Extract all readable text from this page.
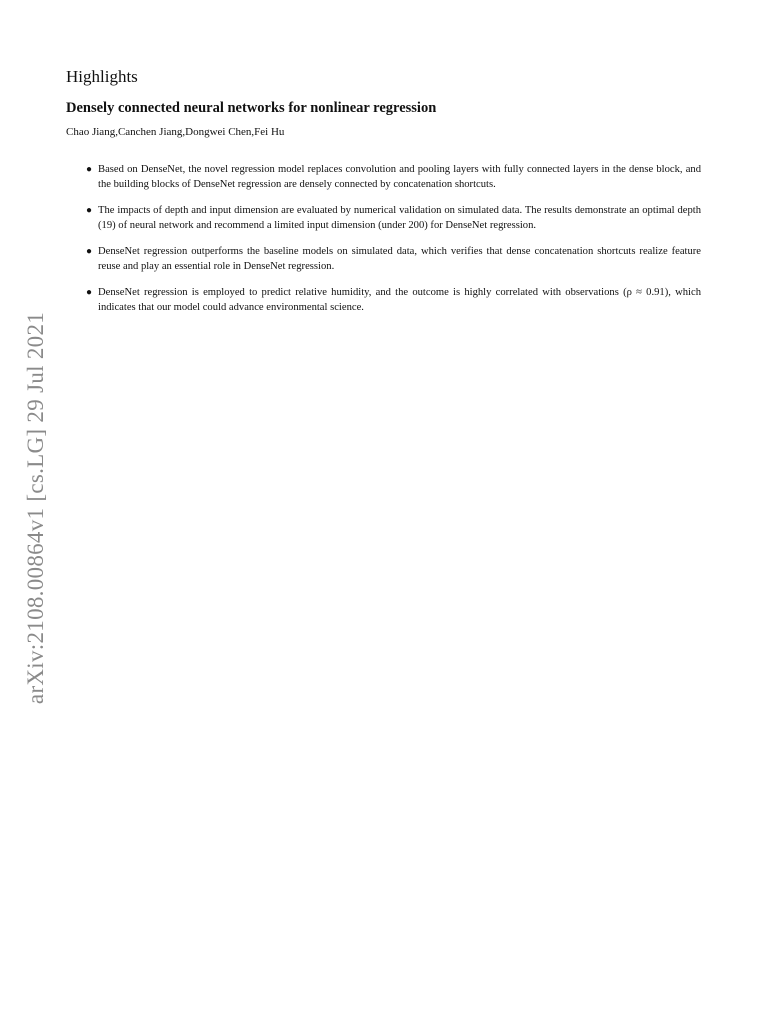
arXiv:2108.00864v1 [cs.LG] 29 Jul 2021
Highlights
Densely connected neural networks for nonlinear regression
Chao Jiang,Canchen Jiang,Dongwei Chen,Fei Hu
● Based on DenseNet, the novel regression model replaces convolution and pooling layers with fully connected layers in the dense block, and the building blocks of DenseNet regression are densely connected by concatenation shortcuts.
● The impacts of depth and input dimension are evaluated by numerical validation on simulated data. The results demonstrate an optimal depth (19) of neural network and recommend a limited input dimension (under 200) for DenseNet regression.
● DenseNet regression outperforms the baseline models on simulated data, which verifies that dense concatenation shortcuts realize feature reuse and play an essential role in DenseNet regression.
● DenseNet regression is employed to predict relative humidity, and the outcome is highly correlated with observations (ρ ≈ 0.91), which indicates that our model could advance environmental science.
